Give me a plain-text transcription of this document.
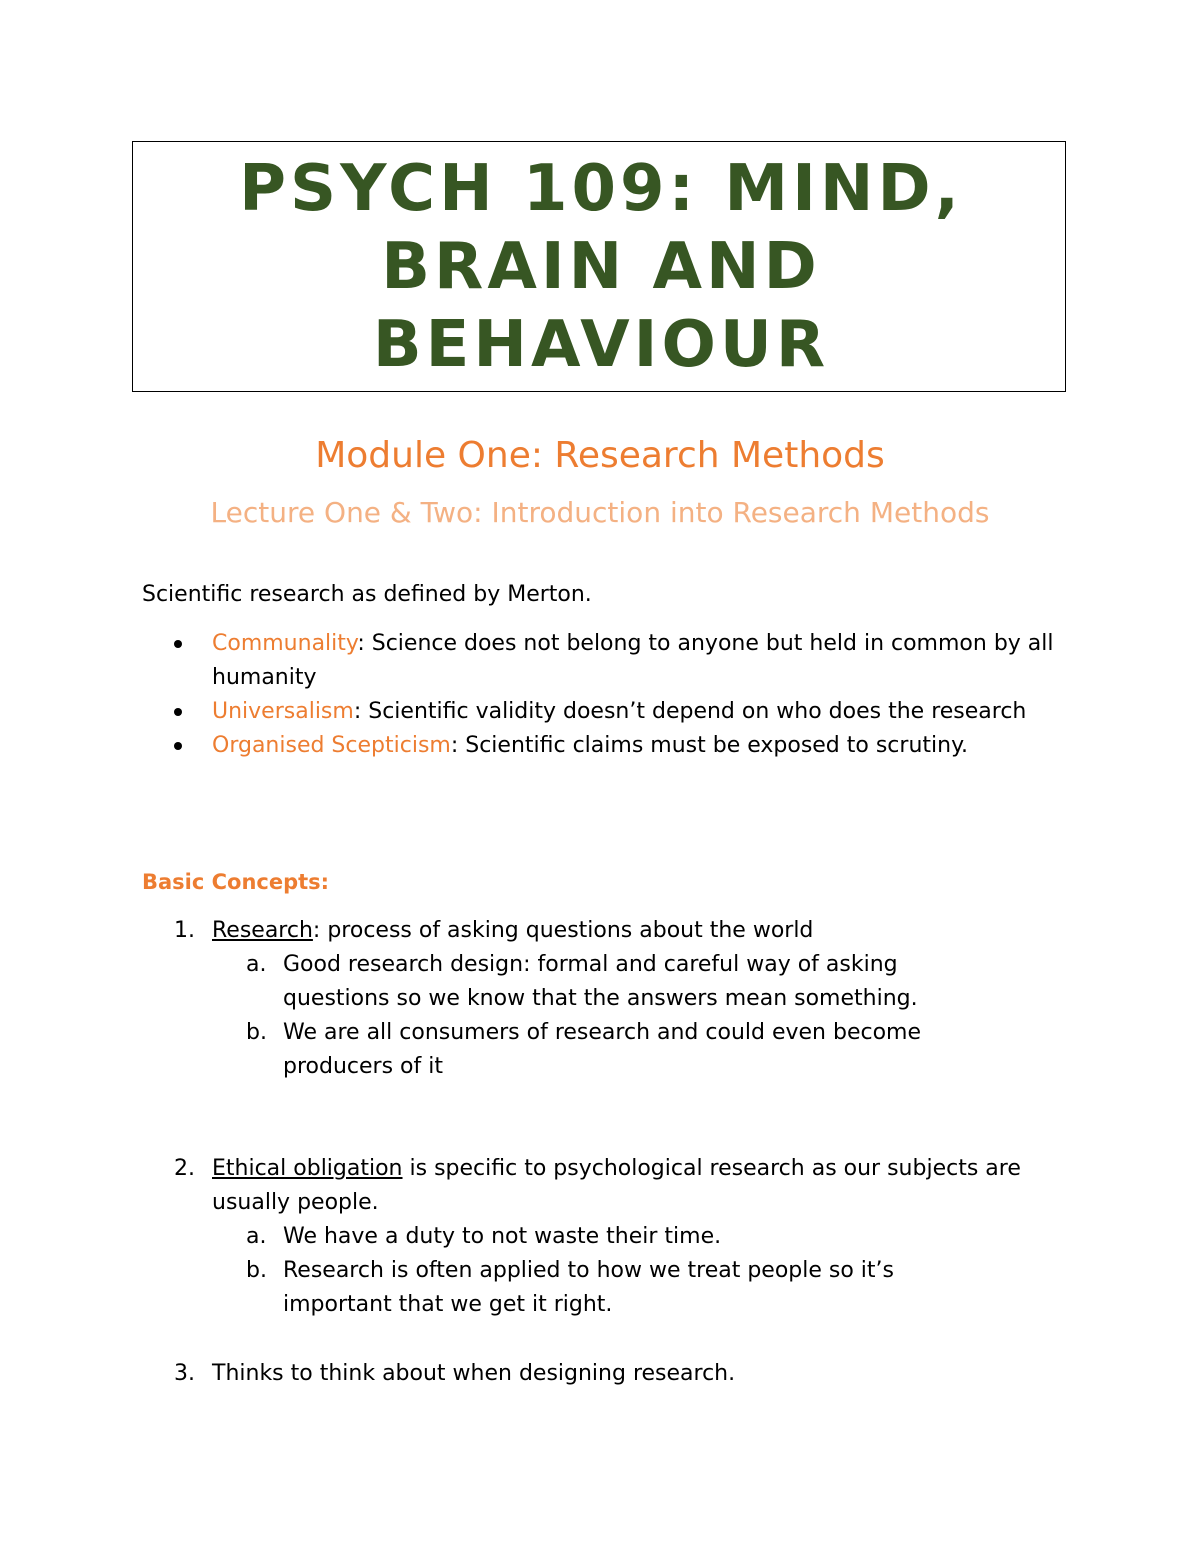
PSYCH 109: MIND,
BRAIN AND
BEHAVIOUR
Module One: Research Methods
Lecture One & Two: Introduction into Research Methods

Scientific research as defined by Merton.

Communality: Science does not belong to anyone but held in common by all humanity
Universalism: Scientific validity doesn’t depend on who does the research
Organised Scepticism: Scientific claims must be exposed to scrutiny.

Basic Concepts:

1. Research: process of asking questions about the world
a. Good research design: formal and careful way of asking questions so we know that the answers mean something.
b. We are all consumers of research and could even become producers of it
2. Ethical obligation is specific to psychological research as our subjects are usually people.
a. We have a duty to not waste their time.
b. Research is often applied to how we treat people so it’s important that we get it right.
3. Thinks to think about when designing research.
